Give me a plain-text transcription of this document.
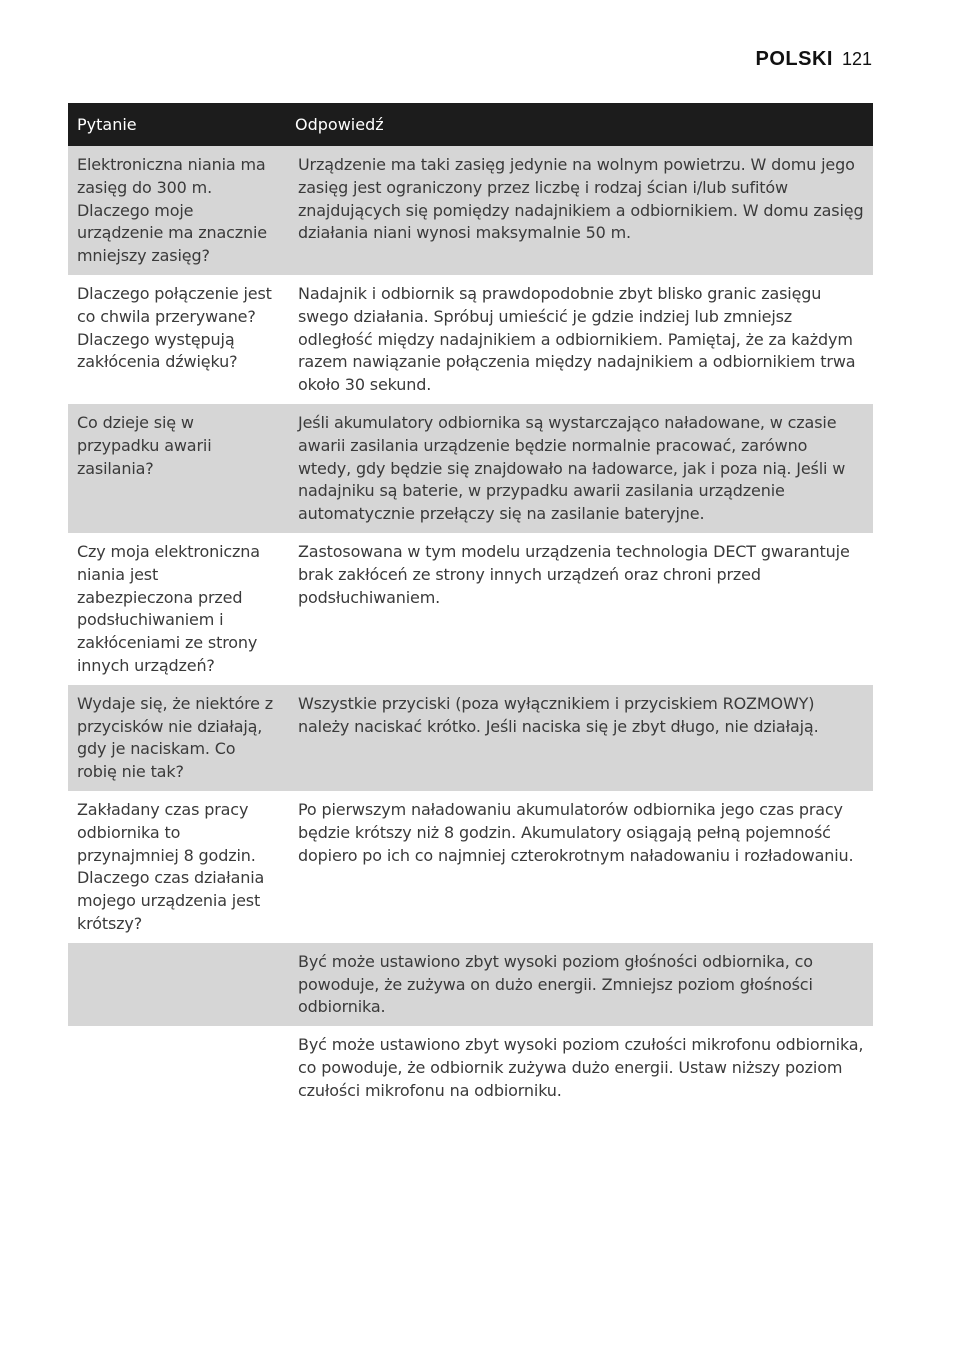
POLSKI 121
Pytanie	Odpowiedź
Elektroniczna niania ma zasięg do 300 m. Dlaczego moje urządzenie ma znacznie mniejszy zasięg?	Urządzenie ma taki zasięg jedynie na wolnym powietrzu. W domu jego zasięg jest ograniczony przez liczbę i rodzaj ścian i/lub sufitów znajdujących się pomiędzy nadajnikiem a odbiornikiem. W domu zasięg działania niani wynosi maksymalnie 50 m.
Dlaczego połączenie jest co chwila przerywane? Dlaczego występują zakłócenia dźwięku?	Nadajnik i odbiornik są prawdopodobnie zbyt blisko granic zasięgu swego działania. Spróbuj umieścić je gdzie indziej lub zmniejsz odległość między nadajnikiem a odbiornikiem. Pamiętaj, że za każdym razem nawiązanie połączenia między nadajnikiem a odbiornikiem trwa około 30 sekund.
Co dzieje się w przypadku awarii zasilania?	Jeśli akumulatory odbiornika są wystarczająco naładowane, w czasie awarii zasilania urządzenie będzie normalnie pracować, zarówno wtedy, gdy będzie się znajdowało na ładowarce, jak i poza nią. Jeśli w nadajniku są baterie, w przypadku awarii zasilania urządzenie automatycznie przełączy się na zasilanie bateryjne.
Czy moja elektroniczna niania jest zabezpieczona przed podsłuchiwaniem i zakłóceniami ze strony innych urządzeń?	Zastosowana w tym modelu urządzenia technologia DECT gwarantuje brak zakłóceń ze strony innych urządzeń oraz chroni przed podsłuchiwaniem.
Wydaje się, że niektóre z przycisków nie działają, gdy je naciskam. Co robię nie tak?	Wszystkie przyciski (poza wyłącznikiem i przyciskiem ROZMOWY) należy naciskać krótko. Jeśli naciska się je zbyt długo, nie działają.
Zakładany czas pracy odbiornika to przynajmniej 8 godzin. Dlaczego czas działania mojego urządzenia jest krótszy?	Po pierwszym naładowaniu akumulatorów odbiornika jego czas pracy będzie krótszy niż 8 godzin. Akumulatory osiągają pełną pojemność dopiero po ich co najmniej czterokrotnym naładowaniu i rozładowaniu.
	Być może ustawiono zbyt wysoki poziom głośności odbiornika, co powoduje, że zużywa on dużo energii. Zmniejsz poziom głośności odbiornika.
	Być może ustawiono zbyt wysoki poziom czułości mikrofonu odbiornika, co powoduje, że odbiornik zużywa dużo energii. Ustaw niższy poziom czułości mikrofonu na odbiorniku.
